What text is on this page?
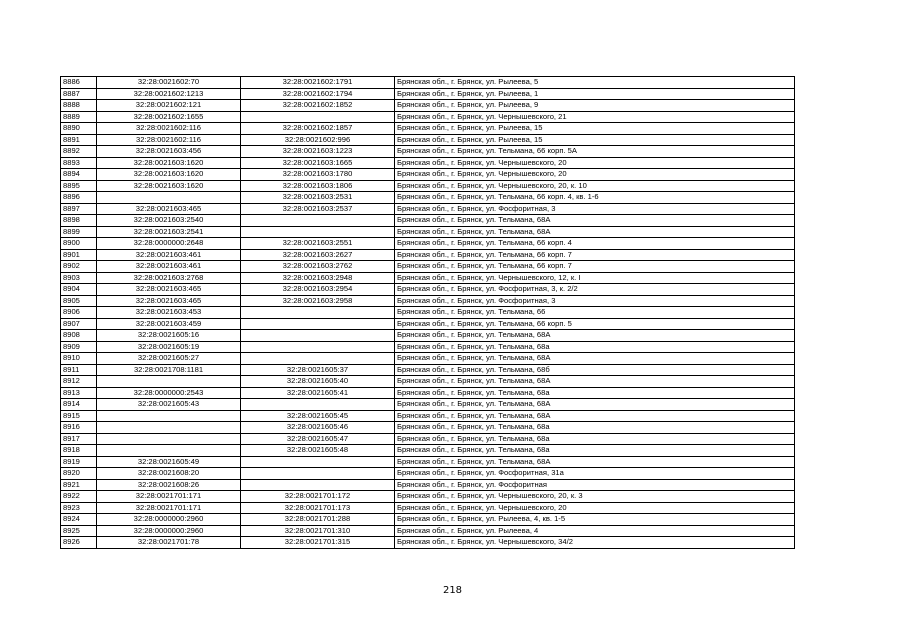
8886	32:28:0021602:70	32:28:0021602:1791	Брянская обл., г. Брянск, ул. Рылеева, 5
8887	32:28:0021602:1213	32:28:0021602:1794	Брянская обл., г. Брянск, ул. Рылеева, 1
8888	32:28:0021602:121	32:28:0021602:1852	Брянская обл., г. Брянск, ул. Рылеева, 9
8889	32:28:0021602:1655		Брянская обл., г. Брянск, ул. Чернышевского, 21
8890	32:28:0021602:116	32:28:0021602:1857	Брянская обл., г. Брянск, ул. Рылеева, 15
8891	32:28:0021602:116	32:28:0021602:996	Брянская обл., г. Брянск, ул. Рылеева, 15
8892	32:28:0021603:456	32:28:0021603:1223	Брянская обл., г. Брянск, ул. Тельмана, 66 корп. 5А
8893	32:28:0021603:1620	32:28:0021603:1665	Брянская обл., г. Брянск, ул. Чернышевского, 20
8894	32:28:0021603:1620	32:28:0021603:1780	Брянская обл., г. Брянск, ул. Чернышевского, 20
8895	32:28:0021603:1620	32:28:0021603:1806	Брянская обл., г. Брянск, ул. Чернышевского, 20, к. 10
8896		32:28:0021603:2531	Брянская обл., г. Брянск, ул. Тельмана, 66 корп. 4, кв. 1-6
8897	32:28:0021603:465	32:28:0021603:2537	Брянская обл., г. Брянск, ул. Фосфоритная, 3
8898	32:28:0021603:2540		Брянская обл., г. Брянск, ул. Тельмана, 68А
8899	32:28:0021603:2541		Брянская обл., г. Брянск, ул. Тельмана, 68А
8900	32:28:0000000:2648	32:28:0021603:2551	Брянская обл., г. Брянск, ул. Тельмана, 66 корп. 4
8901	32:28:0021603:461	32:28:0021603:2627	Брянская обл., г. Брянск, ул. Тельмана, 66 корп. 7
8902	32:28:0021603:461	32:28:0021603:2762	Брянская обл., г. Брянск, ул. Тельмана, 66 корп. 7
8903	32:28:0021603:2768	32:28:0021603:2948	Брянская обл., г. Брянск, ул. Чернышевского, 12, к. I
8904	32:28:0021603:465	32:28:0021603:2954	Брянская обл., г. Брянск, ул. Фосфоритная, 3, к. 2/2
8905	32:28:0021603:465	32:28:0021603:2958	Брянская обл., г. Брянск, ул. Фосфоритная, 3
8906	32:28:0021603:453		Брянская обл., г. Брянск, ул. Тельмана, 66
8907	32:28:0021603:459		Брянская обл., г. Брянск, ул. Тельмана, 66 корп. 5
8908	32:28:0021605:16		Брянская обл., г. Брянск, ул. Тельмана, 68А
8909	32:28:0021605:19		Брянская обл., г. Брянск, ул. Тельмана, 68а
8910	32:28:0021605:27		Брянская обл., г. Брянск, ул. Тельмана, 68А
8911	32:28:0021708:1181	32:28:0021605:37	Брянская обл., г. Брянск, ул. Тельмана, 68б
8912		32:28:0021605:40	Брянская обл., г. Брянск, ул. Тельмана, 68А
8913	32:28:0000000:2543	32:28:0021605:41	Брянская обл., г. Брянск, ул. Тельмана, 68а
8914	32:28:0021605:43		Брянская обл., г. Брянск, ул. Тельмана, 68А
8915		32:28:0021605:45	Брянская обл., г. Брянск, ул. Тельмана, 68А
8916		32:28:0021605:46	Брянская обл., г. Брянск, ул. Тельмана, 68а
8917		32:28:0021605:47	Брянская обл., г. Брянск, ул. Тельмана, 68а
8918		32:28:0021605:48	Брянская обл., г. Брянск, ул. Тельмана, 68а
8919	32:28:0021605:49		Брянская обл., г. Брянск, ул. Тельмана, 68А
8920	32:28:0021608:20		Брянская обл., г. Брянск, ул. Фосфоритная, 31а
8921	32:28:0021608:26		Брянская обл., г. Брянск, ул. Фосфоритная
8922	32:28:0021701:171	32:28:0021701:172	Брянская обл., г. Брянск, ул. Чернышевского, 20, к. 3
8923	32:28:0021701:171	32:28:0021701:173	Брянская обл., г. Брянск, ул. Чернышевского, 20
8924	32:28:0000000:2960	32:28:0021701:288	Брянская обл., г. Брянск, ул. Рылеева, 4, кв. 1-5
8925	32:28:0000000:2960	32:28:0021701:310	Брянская обл., г. Брянск, ул. Рылеева, 4
8926	32:28:0021701:78	32:28:0021701:315	Брянская обл., г. Брянск, ул. Чернышевского, 34/2
218
